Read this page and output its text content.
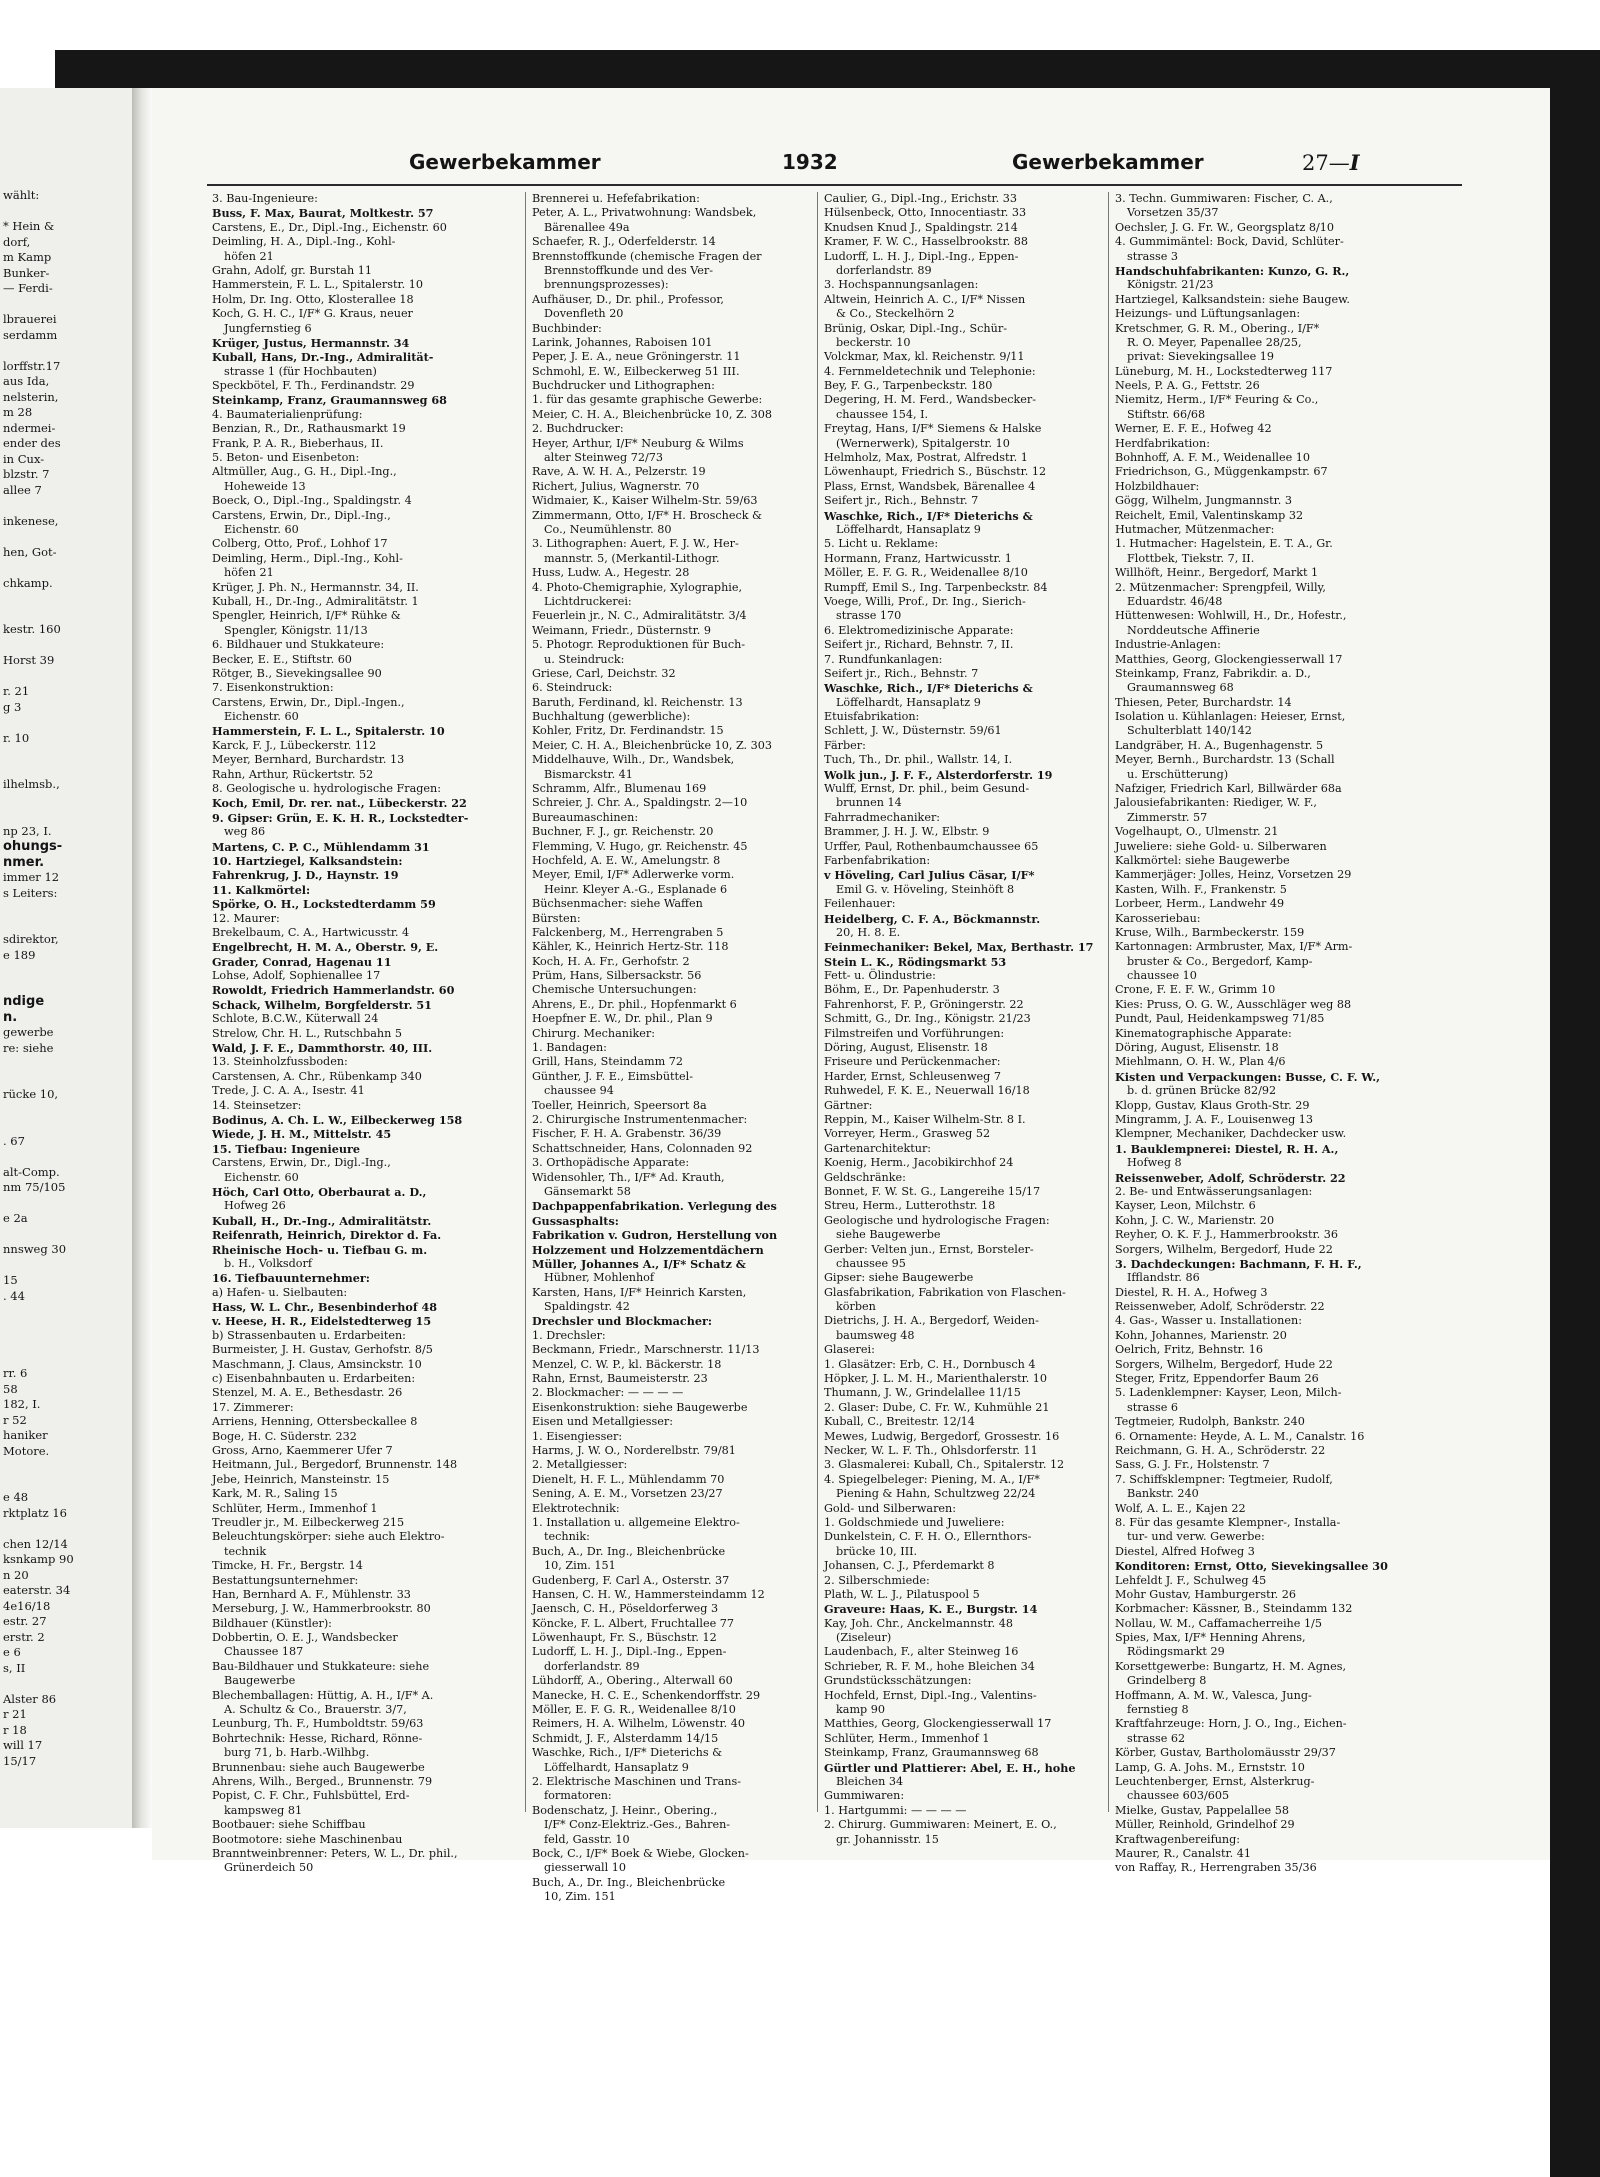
wählt:
* Hein &
dorf,
m Kamp
Bunker-
— Ferdi-
lbrauerei
serdamm
lorffstr.17
aus Ida,
nelsterin,
m 28
ndermei-
ender des
in Cux-
blzstr. 7
allee 7
inkenese,
hen, Got-
chkamp.
kestr. 160
Horst 39
r. 21
g 3
r. 10
ilhelmsb.,
np 23, I.
ohungs-
nmer.
immer 12
s Leiters:
sdirektor,
e 189
ndige
n.
gewerbe
re: siehe
rücke 10,
. 67
alt-Comp.
nm 75/105
e 2a
nnsweg 30
15
. 44
rr. 6
58
182, I.
r 52
haniker
Motore.
e 48
rktplatz 16
chen 12/14
ksnkamp 90
n 20
eaterstr. 34
4e16/18
estr. 27
erstr. 2
e 6
s, II
Alster 86
r 21
r 18
will 17
15/17
Gewerbekammer	1932	Gewerbekammer	27—I
3. Bau-Ingenieure:
Buss, F. Max, Baurat, Moltkestr. 57
Carstens, E., Dr., Dipl.-Ing., Eichenstr. 60
Deimling, H. A., Dipl.-Ing., Kohl-
höfen 21
Grahn, Adolf, gr. Burstah 11
Hammerstein, F. L. L., Spitalerstr. 10
Holm, Dr. Ing. Otto, Klosterallee 18
Koch, G. H. C., I/F* G. Kraus, neuer
Jungfernstieg 6
Krüger, Justus, Hermannstr. 34
Kuball, Hans, Dr.-Ing., Admiralität-
strasse 1 (für Hochbauten)
Speckbötel, F. Th., Ferdinandstr. 29
Steinkamp, Franz, Graumannsweg 68
4. Baumaterialienprüfung:
Benzian, R., Dr., Rathausmarkt 19
Frank, P. A. R., Bieberhaus, II.
5. Beton- und Eisenbeton:
Altmüller, Aug., G. H., Dipl.-Ing.,
Hoheweide 13
Boeck, O., Dipl.-Ing., Spaldingstr. 4
Carstens, Erwin, Dr., Dipl.-Ing.,
Eichenstr. 60
Colberg, Otto, Prof., Lohhof 17
Deimling, Herm., Dipl.-Ing., Kohl-
höfen 21
Krüger, J. Ph. N., Hermannstr. 34, II.
Kuball, H., Dr.-Ing., Admiralitätstr. 1
Spengler, Heinrich, I/F* Rühke &
Spengler, Königstr. 11/13
6. Bildhauer und Stukkateure:
Becker, E. E., Stiftstr. 60
Rötger, B., Sievekingsallee 90
7. Eisenkonstruktion:
Carstens, Erwin, Dr., Dipl.-Ingen.,
Eichenstr. 60
Hammerstein, F. L. L., Spitalerstr. 10
Karck, F. J., Lübeckerstr. 112
Meyer, Bernhard, Burchardstr. 13
Rahn, Arthur, Rückertstr. 52
8. Geologische u. hydrologische Fragen:
Koch, Emil, Dr. rer. nat., Lübeckerstr. 22
9. Gipser: Grün, E. K. H. R., Lockstedter-
weg 86
Martens, C. P. C., Mühlendamm 31
10. Hartziegel, Kalksandstein:
Fahrenkrug, J. D., Haynstr. 19
11. Kalkmörtel:
Spörke, O. H., Lockstedterdamm 59
12. Maurer:
Brekelbaum, C. A., Hartwicusstr. 4
Engelbrecht, H. M. A., Oberstr. 9, E.
Grader, Conrad, Hagenau 11
Lohse, Adolf, Sophienallee 17
Rowoldt, Friedrich Hammerlandstr. 60
Schack, Wilhelm, Borgfelderstr. 51
Schlote, B.C.W., Küterwall 24
Strelow, Chr. H. L., Rutschbahn 5
Wald, J. F. E., Dammthorstr. 40, III.
13. Steinholzfussboden:
Carstensen, A. Chr., Rübenkamp 340
Trede, J. C. A. A., Isestr. 41
14. Steinsetzer:
Bodinus, A. Ch. L. W., Eilbeckerweg 158
Wiede, J. H. M., Mittelstr. 45
15. Tiefbau: Ingenieure
Carstens, Erwin, Dr., Digl.-Ing.,
Eichenstr. 60
Höch, Carl Otto, Oberbaurat a. D.,
Hofweg 26
Kuball, H., Dr.-Ing., Admiralitätstr.
Reifenrath, Heinrich, Direktor d. Fa.
Rheinische Hoch- u. Tiefbau G. m.
b. H., Volksdorf
16. Tiefbauunternehmer:
a) Hafen- u. Sielbauten:
Hass, W. L. Chr., Besenbinderhof 48
v. Heese, H. R., Eidelstedterweg 15
b) Strassenbauten u. Erdarbeiten:
Burmeister, J. H. Gustav, Gerhofstr. 8/5
Maschmann, J. Claus, Amsinckstr. 10
c) Eisenbahnbauten u. Erdarbeiten:
Stenzel, M. A. E., Bethesdastr. 26
17. Zimmerer:
Arriens, Henning, Ottersbeckallee 8
Boge, H. C. Süderstr. 232
Gross, Arno, Kaemmerer Ufer 7
Heitmann, Jul., Bergedorf, Brunnenstr. 148
Jebe, Heinrich, Mansteinstr. 15
Kark, M. R., Saling 15
Schlüter, Herm., Immenhof 1
Treudler jr., M. Eilbeckerweg 215
Beleuchtungskörper: siehe auch Elektro-
technik
Timcke, H. Fr., Bergstr. 14
Bestattungsunternehmer:
Han, Bernhard A. F., Mühlenstr. 33
Merseburg, J. W., Hammerbrookstr. 80
Bildhauer (Künstler):
Dobbertin, O. E. J., Wandsbecker
Chaussee 187
Bau-Bildhauer und Stukkateure: siehe
Baugewerbe
Blechemballagen: Hüttig, A. H., I/F* A.
A. Schultz & Co., Brauerstr. 3/7,
Leunburg, Th. F., Humboldtstr. 59/63
Bohrtechnik: Hesse, Richard, Rönne-
burg 71, b. Harb.-Wilhbg.
Brunnenbau: siehe auch Baugewerbe
Ahrens, Wilh., Berged., Brunnenstr. 79
Popist, C. F. Chr., Fuhlsbüttel, Erd-
kampsweg 81
Bootbauer: siehe Schiffbau
Bootmotore: siehe Maschinenbau
Branntweinbrenner: Peters, W. L., Dr. phil.,
Grünerdeich 50
Brennerei u. Hefefabrikation:
Peter, A. L., Privatwohnung: Wandsbek,
Bärenallee 49a
Schaefer, R. J., Oderfelderstr. 14
Brennstoffkunde (chemische Fragen der
Brennstoffkunde und des Ver-
brennungsprozesses):
Aufhäuser, D., Dr. phil., Professor,
Dovenfleth 20
Buchbinder:
Larink, Johannes, Raboisen 101
Peper, J. E. A., neue Gröningerstr. 11
Schmohl, E. W., Eilbeckerweg 51 III.
Buchdrucker und Lithographen:
1. für das gesamte graphische Gewerbe:
Meier, C. H. A., Bleichenbrücke 10, Z. 308
2. Buchdrucker:
Heyer, Arthur, I/F* Neuburg & Wilms
alter Steinweg 72/73
Rave, A. W. H. A., Pelzerstr. 19
Richert, Julius, Wagnerstr. 70
Widmaier, K., Kaiser Wilhelm-Str. 59/63
Zimmermann, Otto, I/F* H. Broscheck &
Co., Neumühlenstr. 80
3. Lithographen: Auert, F. J. W., Her-
mannstr. 5, (Merkantil-Lithogr.
Huss, Ludw. A., Hegestr. 28
4. Photo-Chemigraphie, Xylographie,
Lichtdruckerei:
Feuerlein jr., N. C., Admiralitätstr. 3/4
Weimann, Friedr., Düsternstr. 9
5. Photogr. Reproduktionen für Buch-
u. Steindruck:
Griese, Carl, Deichstr. 32
6. Steindruck:
Baruth, Ferdinand, kl. Reichenstr. 13
Buchhaltung (gewerbliche):
Kohler, Fritz, Dr. Ferdinandstr. 15
Meier, C. H. A., Bleichenbrücke 10, Z. 303
Middelhauve, Wilh., Dr., Wandsbek,
Bismarckstr. 41
Schramm, Alfr., Blumenau 169
Schreier, J. Chr. A., Spaldingstr. 2—10
Bureaumaschinen:
Buchner, F. J., gr. Reichenstr. 20
Flemming, V. Hugo, gr. Reichenstr. 45
Hochfeld, A. E. W., Amelungstr. 8
Meyer, Emil, I/F* Adlerwerke vorm.
Heinr. Kleyer A.-G., Esplanade 6
Büchsenmacher: siehe Waffen
Bürsten:
Falckenberg, M., Herrengraben 5
Kähler, K., Heinrich Hertz-Str. 118
Koch, H. A. Fr., Gerhofstr. 2
Prüm, Hans, Silbersackstr. 56
Chemische Untersuchungen:
Ahrens, E., Dr. phil., Hopfenmarkt 6
Hoepfner E. W., Dr. phil., Plan 9
Chirurg. Mechaniker:
1. Bandagen:
Grill, Hans, Steindamm 72
Günther, J. F. E., Eimsbüttel-
chaussee 94
Toeller, Heinrich, Speersort 8a
2. Chirurgische Instrumentenmacher:
Fischer, F. H. A. Grabenstr. 36/39
Schattschneider, Hans, Colonnaden 92
3. Orthopädische Apparate:
Widensohler, Th., I/F* Ad. Krauth,
Gänsemarkt 58
Dachpappenfabrikation. Verlegung des
Gussasphalts:
Fabrikation v. Gudron, Herstellung von
Holzzement und Holzzementdächern
Müller, Johannes A., I/F* Schatz &
Hübner, Mohlenhof
Karsten, Hans, I/F* Heinrich Karsten,
Spaldingstr. 42
Drechsler und Blockmacher:
1. Drechsler:
Beckmann, Friedr., Marschnerstr. 11/13
Menzel, C. W. P., kl. Bäckerstr. 18
Rahn, Ernst, Baumeisterstr. 23
2. Blockmacher: — — — —
Eisenkonstruktion: siehe Baugewerbe
Eisen und Metallgiesser:
1. Eisengiesser:
Harms, J. W. O., Norderelbstr. 79/81
2. Metallgiesser:
Dienelt, H. F. L., Mühlendamm 70
Sening, A. E. M., Vorsetzen 23/27
Elektrotechnik:
1. Installation u. allgemeine Elektro-
technik:
Buch, A., Dr. Ing., Bleichenbrücke
10, Zim. 151
Gudenberg, F. Carl A., Osterstr. 37
Hansen, C. H. W., Hammersteindamm 12
Jaensch, C. H., Pöseldorferweg 3
Köncke, F. L. Albert, Fruchtallee 77
Löwenhaupt, Fr. S., Büschstr. 12
Ludorff, L. H. J., Dipl.-Ing., Eppen-
dorferlandstr. 89
Lühdorff, A., Obering., Alterwall 60
Manecke, H. C. E., Schenkendorffstr. 29
Möller, E. F. G. R., Weidenallee 8/10
Reimers, H. A. Wilhelm, Löwenstr. 40
Schmidt, J. F., Alsterdamm 14/15
Waschke, Rich., I/F* Dieterichs &
Löffelhardt, Hansaplatz 9
2. Elektrische Maschinen und Trans-
formatoren:
Bodenschatz, J. Heinr., Obering.,
I/F* Conz-Elektriz.-Ges., Bahren-
feld, Gasstr. 10
Bock, C., I/F* Boek & Wiebe, Glocken-
giesserwall 10
Buch, A., Dr. Ing., Bleichenbrücke
10, Zim. 151
Caulier, G., Dipl.-Ing., Erichstr. 33
Hülsenbeck, Otto, Innocentiastr. 33
Knudsen Knud J., Spaldingstr. 214
Kramer, F. W. C., Hasselbrookstr. 88
Ludorff, L. H. J., Dipl.-Ing., Eppen-
dorferlandstr. 89
3. Hochspannungsanlagen:
Altwein, Heinrich A. C., I/F* Nissen
& Co., Steckelhörn 2
Brünig, Oskar, Dipl.-Ing., Schür-
beckerstr. 10
Volckmar, Max, kl. Reichenstr. 9/11
4. Fernmeldetechnik und Telephonie:
Bey, F. G., Tarpenbeckstr. 180
Degering, H. M. Ferd., Wandsbecker-
chaussee 154, I.
Freytag, Hans, I/F* Siemens & Halske
(Wernerwerk), Spitalgerstr. 10
Helmholz, Max, Postrat, Alfredstr. 1
Löwenhaupt, Friedrich S., Büschstr. 12
Plass, Ernst, Wandsbek, Bärenallee 4
Seifert jr., Rich., Behnstr. 7
Waschke, Rich., I/F* Dieterichs &
Löffelhardt, Hansaplatz 9
5. Licht u. Reklame:
Hormann, Franz, Hartwicusstr. 1
Möller, E. F. G. R., Weidenallee 8/10
Rumpff, Emil S., Ing. Tarpenbeckstr. 84
Voege, Willi, Prof., Dr. Ing., Sierich-
strasse 170
6. Elektromedizinische Apparate:
Seifert jr., Richard, Behnstr. 7, II.
7. Rundfunkanlagen:
Seifert jr., Rich., Behnstr. 7
Waschke, Rich., I/F* Dieterichs &
Löffelhardt, Hansaplatz 9
Etuisfabrikation:
Schlett, J. W., Düsternstr. 59/61
Färber:
Tuch, Th., Dr. phil., Wallstr. 14, I.
Wolk jun., J. F. F., Alsterdorferstr. 19
Wulff, Ernst, Dr. phil., beim Gesund-
brunnen 14
Fahrradmechaniker:
Brammer, J. H. J. W., Elbstr. 9
Urffer, Paul, Rothenbaumchaussee 65
Farbenfabrikation:
v Höveling, Carl Julius Cäsar, I/F*
Emil G. v. Höveling, Steinhöft 8
Feilenhauer:
Heidelberg, C. F. A., Böckmannstr.
20, H. 8. E.
Feinmechaniker: Bekel, Max, Berthastr. 17
Stein L. K., Rödingsmarkt 53
Fett- u. Ölindustrie:
Böhm, E., Dr. Papenhuderstr. 3
Fahrenhorst, F. P., Gröningerstr. 22
Schmitt, G., Dr. Ing., Königstr. 21/23
Filmstreifen und Vorführungen:
Döring, August, Elisenstr. 18
Friseure und Perückenmacher:
Harder, Ernst, Schleusenweg 7
Ruhwedel, F. K. E., Neuerwall 16/18
Gärtner:
Reppin, M., Kaiser Wilhelm-Str. 8 I.
Vorreyer, Herm., Grasweg 52
Gartenarchitektur:
Koenig, Herm., Jacobikirchhof 24
Geldschränke:
Bonnet, F. W. St. G., Langereihe 15/17
Streu, Herm., Lutterothstr. 18
Geologische und hydrologische Fragen:
siehe Baugewerbe
Gerber: Velten jun., Ernst, Borsteler-
chaussee 95
Gipser: siehe Baugewerbe
Glasfabrikation, Fabrikation von Flaschen-
körben
Dietrichs, J. H. A., Bergedorf, Weiden-
baumsweg 48
Glaserei:
1. Glasätzer: Erb, C. H., Dornbusch 4
Höpker, J. L. M. H., Marienthalerstr. 10
Thumann, J. W., Grindelallee 11/15
2. Glaser: Dube, C. Fr. W., Kuhmühle 21
Kuball, C., Breitestr. 12/14
Mewes, Ludwig, Bergedorf, Grossestr. 16
Necker, W. L. F. Th., Ohlsdorferstr. 11
3. Glasmalerei: Kuball, Ch., Spitalerstr. 12
4. Spiegelbeleger: Piening, M. A., I/F*
Piening & Hahn, Schultzweg 22/24
Gold- und Silberwaren:
1. Goldschmiede und Juweliere:
Dunkelstein, C. F. H. O., Ellernthors-
brücke 10, III.
Johansen, C. J., Pferdemarkt 8
2. Silberschmiede:
Plath, W. L. J., Pilatuspool 5
Graveure: Haas, K. E., Burgstr. 14
Kay, Joh. Chr., Anckelmannstr. 48
(Ziseleur)
Laudenbach, F., alter Steinweg 16
Schrieber, R. F. M., hohe Bleichen 34
Grundstücksschätzungen:
Hochfeld, Ernst, Dipl.-Ing., Valentins-
kamp 90
Matthies, Georg, Glockengiesserwall 17
Schlüter, Herm., Immenhof 1
Steinkamp, Franz, Graumannsweg 68
Gürtler und Plattierer: Abel, E. H., hohe
Bleichen 34
Gummiwaren:
1. Hartgummi: — — — —
2. Chirurg. Gummiwaren: Meinert, E. O.,
gr. Johannisstr. 15
3. Techn. Gummiwaren: Fischer, C. A.,
Vorsetzen 35/37
Oechsler, J. G. Fr. W., Georgsplatz 8/10
4. Gummimäntel: Bock, David, Schlüter-
strasse 3
Handschuhfabrikanten: Kunzo, G. R.,
Königstr. 21/23
Hartziegel, Kalksandstein: siehe Baugew.
Heizungs- und Lüftungsanlagen:
Kretschmer, G. R. M., Obering., I/F*
R. O. Meyer, Papenallee 28/25,
privat: Sievekingsallee 19
Lüneburg, M. H., Lockstedterweg 117
Neels, P. A. G., Fettstr. 26
Niemitz, Herm., I/F* Feuring & Co.,
Stiftstr. 66/68
Werner, E. F. E., Hofweg 42
Herdfabrikation:
Bohnhoff, A. F. M., Weidenallee 10
Friedrichson, G., Müggenkampstr. 67
Holzbildhauer:
Gögg, Wilhelm, Jungmannstr. 3
Reichelt, Emil, Valentinskamp 32
Hutmacher, Mützenmacher:
1. Hutmacher: Hagelstein, E. T. A., Gr.
Flottbek, Tiekstr. 7, II.
Willhöft, Heinr., Bergedorf, Markt 1
2. Mützenmacher: Sprengpfeil, Willy,
Eduardstr. 46/48
Hüttenwesen: Wohlwill, H., Dr., Hofestr.,
Norddeutsche Affinerie
Industrie-Anlagen:
Matthies, Georg, Glockengiesserwall 17
Steinkamp, Franz, Fabrikdir. a. D.,
Graumannsweg 68
Thiesen, Peter, Burchardstr. 14
Isolation u. Kühlanlagen: Heieser, Ernst,
Schulterblatt 140/142
Landgräber, H. A., Bugenhagenstr. 5
Meyer, Bernh., Burchardstr. 13 (Schall
u. Erschütterung)
Nafziger, Friedrich Karl, Billwärder 68a
Jalousiefabrikanten: Riediger, W. F.,
Zimmerstr. 57
Vogelhaupt, O., Ulmenstr. 21
Juweliere: siehe Gold- u. Silberwaren
Kalkmörtel: siehe Baugewerbe
Kammerjäger: Jolles, Heinz, Vorsetzen 29
Kasten, Wilh. F., Frankenstr. 5
Lorbeer, Herm., Landwehr 49
Karosseriebau:
Kruse, Wilh., Barmbeckerstr. 159
Kartonnagen: Armbruster, Max, I/F* Arm-
bruster & Co., Bergedorf, Kamp-
chaussee 10
Crone, F. E. F. W., Grimm 10
Kies: Pruss, O. G. W., Ausschläger weg 88
Pundt, Paul, Heidenkampsweg 71/85
Kinematographische Apparate:
Döring, August, Elisenstr. 18
Miehlmann, O. H. W., Plan 4/6
Kisten und Verpackungen: Busse, C. F. W.,
b. d. grünen Brücke 82/92
Klopp, Gustav, Klaus Groth-Str. 29
Mingramm, J. A. F., Louisenweg 13
Klempner, Mechaniker, Dachdecker usw.
1. Bauklempnerei: Diestel, R. H. A.,
Hofweg 8
Reissenweber, Adolf, Schröderstr. 22
2. Be- und Entwässerungsanlagen:
Kayser, Leon, Milchstr. 6
Kohn, J. C. W., Marienstr. 20
Reyher, O. K. F. J., Hammerbrookstr. 36
Sorgers, Wilhelm, Bergedorf, Hude 22
3. Dachdeckungen: Bachmann, F. H. F.,
Ifflandstr. 86
Diestel, R. H. A., Hofweg 3
Reissenweber, Adolf, Schröderstr. 22
4. Gas-, Wasser u. Installationen:
Kohn, Johannes, Marienstr. 20
Oelrich, Fritz, Behnstr. 16
Sorgers, Wilhelm, Bergedorf, Hude 22
Steger, Fritz, Eppendorfer Baum 26
5. Ladenklempner: Kayser, Leon, Milch-
strasse 6
Tegtmeier, Rudolph, Bankstr. 240
6. Ornamente: Heyde, A. L. M., Canalstr. 16
Reichmann, G. H. A., Schröderstr. 22
Sass, G. J. Fr., Holstenstr. 7
7. Schiffsklempner: Tegtmeier, Rudolf,
Bankstr. 240
Wolf, A. L. E., Kajen 22
8. Für das gesamte Klempner-, Installa-
tur- und verw. Gewerbe:
Diestel, Alfred Hofweg 3
Konditoren: Ernst, Otto, Sievekingsallee 30
Lehfeldt J. F., Schulweg 45
Mohr Gustav, Hamburgerstr. 26
Korbmacher: Kässner, B., Steindamm 132
Nollau, W. M., Caffamacherreihe 1/5
Spies, Max, I/F* Henning Ahrens,
Rödingsmarkt 29
Korsettgewerbe: Bungartz, H. M. Agnes,
Grindelberg 8
Hoffmann, A. M. W., Valesca, Jung-
fernstieg 8
Kraftfahrzeuge: Horn, J. O., Ing., Eichen-
strasse 62
Körber, Gustav, Bartholomäusstr 29/37
Lamp, G. A. Johs. M., Ernststr. 10
Leuchtenberger, Ernst, Alsterkrug-
chaussee 603/605
Mielke, Gustav, Pappelallee 58
Müller, Reinhold, Grindelhof 29
Kraftwagenbereifung:
Maurer, R., Canalstr. 41
von Raffay, R., Herrengraben 35/36
